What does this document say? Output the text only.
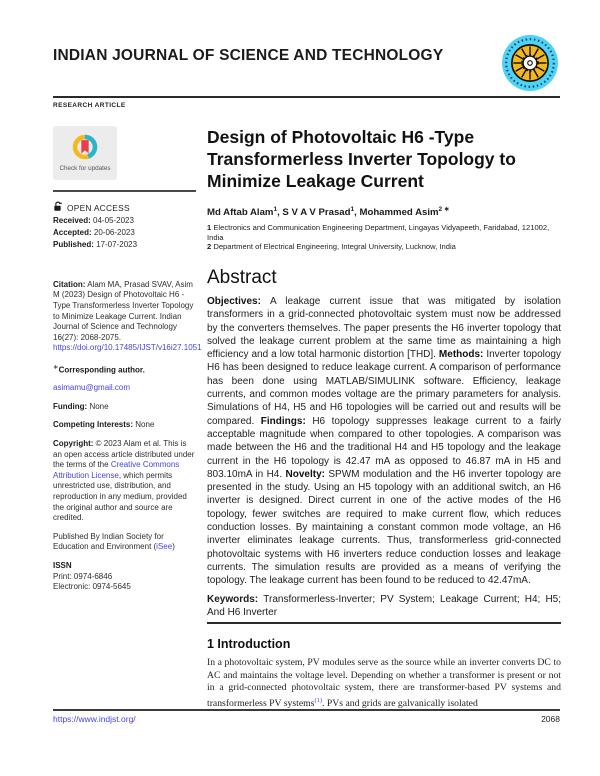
INDIAN JOURNAL OF SCIENCE AND TECHNOLOGY
RESEARCH ARTICLE
Check for updates
OPEN ACCESS
Received: 04-05-2023
Accepted: 20-06-2023
Published: 17-07-2023
Citation: Alam MA, Prasad SVAV, Asim M (2023) Design of Photovoltaic H6 -Type Transformerless Inverter Topology to Minimize Leakage Current. Indian Journal of Science and Technology 16(27): 2068-2075. https://doi.org/10.17485/IJST/v16i27.1051
∗Corresponding author.
asimamu@gmail.com
Funding: None
Competing Interests: None
Copyright: © 2023 Alam et al. This is an open access article distributed under the terms of the Creative Commons Attribution License, which permits unrestricted use, distribution, and reproduction in any medium, provided the original author and source are credited.
Published By Indian Society for Education and Environment (iSee)
ISSN
Print: 0974-6846
Electronic: 0974-5645
Design of Photovoltaic H6 -Type Transformerless Inverter Topology to Minimize Leakage Current
Md Aftab Alam$^1$, S V A V Prasad$^1$, Mohammed Asim$^{2 ∗}$
1 Electronics and Communication Engineering Department, Lingayas Vidyapeeth, Faridabad, 121002, India
2 Department of Electrical Engineering, Integral University, Lucknow, India
Abstract
Objectives: A leakage current issue that was mitigated by isolation transformers in a grid-connected photovoltaic system must now be addressed by the converters themselves. The paper presents the H6 inverter topology that solved the leakage current problem at the same time as maintaining a high efficiency and a low total harmonic distortion [THD]. Methods: Inverter topology H6 has been designed to reduce leakage current. A comparison of performance has been done using MATLAB/SIMULINK software. Efficiency, leakage currents, and common modes voltage are the primary parameters for analysis. Simulations of H4, H5 and H6 topologies will be carried out and results will be compared. Findings: H6 topology suppresses leakage current to a fairly acceptable magnitude when compared to other topologies. A comparison was made between the H6 and the traditional H4 and H5 topology and the leakage current in the H6 topology is 42.47 mA as opposed to 46.87 mA in H5 and 803.10mA in H4. Novelty: SPWM modulation and the H6 inverter topology are presented in the study. Using an H5 topology with an additional switch, an H6 inverter is designed. Direct current in one of the active modes of the H6 topology, fewer switches are required to make current flow, which reduces conduction losses. By maintaining a constant common mode voltage, an H6 inverter eliminates leakage currents. Thus, transformerless grid-connected photovoltaic systems with H6 inverters reduce conduction losses and leakage currents. The simulation results are provided as a means of verifying the topology. The leakage current has been found to be reduced to 42.47mA.
Keywords: Transformerless-Inverter; PV System; Leakage Current; H4; H5; And H6 Inverter
1 Introduction
In a photovoltaic system, PV modules serve as the source while an inverter converts DC to AC and maintains the voltage level. Depending on whether a transformer is present or not in a grid-connected photovoltaic system, there are transformer-based PV systems and transformerless PV systems$^{(1)}$. PVs and grids are galvanically isolated
https://www.indjst.org/	2068
